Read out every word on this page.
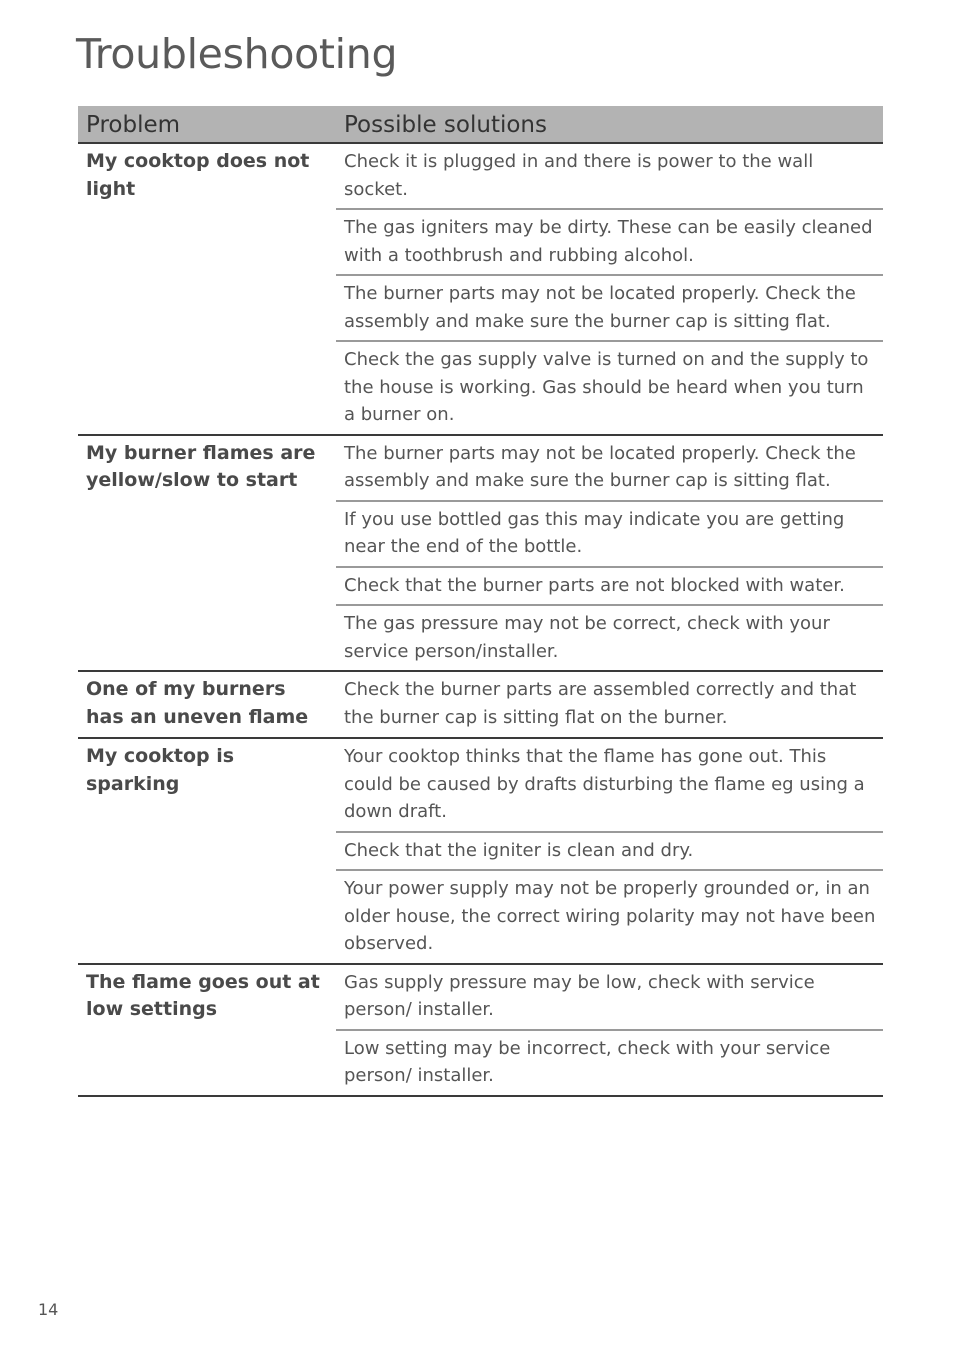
Troubleshooting
Problem	Possible solutions
My cooktop does not light
Check it is plugged in and there is power to the wall socket.
The gas igniters may be dirty. These can be easily cleaned with a toothbrush and rubbing alcohol.
The burner parts may not be located properly. Check the assembly and make sure the burner cap is sitting flat.
Check the gas supply valve is turned on and the supply to the house is working. Gas should be heard when you turn a burner on.
My burner flames are yellow/slow to start
The burner parts may not be located properly. Check the assembly and make sure the burner cap is sitting flat.
If you use bottled gas this may indicate you are getting near the end of the bottle.
Check that the burner parts are not blocked with water.
The gas pressure may not be correct, check with your service person/installer.
One of my burners has an uneven flame
Check the burner parts are assembled correctly and that the burner cap is sitting flat on the burner.
My cooktop is sparking
Your cooktop thinks that the flame has gone out. This could be caused by drafts disturbing the flame eg using a down draft.
Check that the igniter is clean and dry.
Your power supply may not be properly grounded or, in an older house, the correct wiring polarity may not have been observed.
The flame goes out at low settings
Gas supply pressure may be low, check with service person/ installer.
Low setting may be incorrect, check with your service person/ installer.
14
